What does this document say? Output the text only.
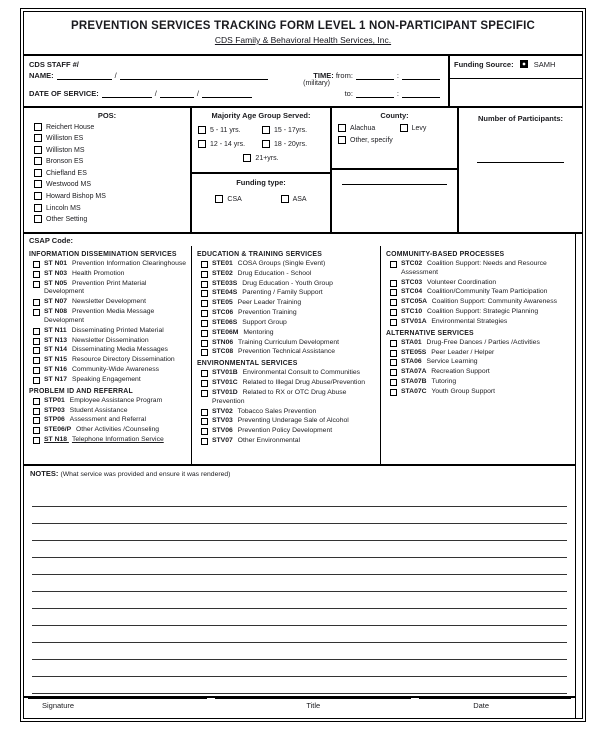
PREVENTION SERVICES TRACKING FORM LEVEL 1 NON-PARTICIPANT SPECIFIC
CDS Family & Behavioral Health Services, Inc.
CDS STAFF #/
NAME:	/	TIME:
from:	:
(military)
DATE OF SERVICE:	/	/	to:	:
Funding Source:	SAMH
POS:
Reichert House
Williston ES
Williston MS
Bronson ES
Chiefland ES
Westwood MS
Howard Bishop MS
Lincoln MS
Other Setting
Majority Age Group Served:
5 - 11 yrs.	15 - 17yrs.
12 - 14 yrs.	18 - 20yrs.
21+yrs.
Funding type:
CSA	ASA
County:
Alachua	Levy
Other, specify
Number of Participants:
CSAP Code:
INFORMATION DISSEMINATION SERVICES
ST N01 Prevention Information Clearinghouse
ST N03 Health Promotion
ST N05 Prevention Print Material Development
ST N07 Newsletter Development
ST N08 Prevention Media Message Development
ST N11 Disseminating Printed Material
ST N13 Newsletter Dissemination
ST N14 Disseminating Media Messages
ST N15 Resource Directory Dissemination
ST N16 Community-Wide Awareness
ST N17 Speaking Engagement
PROBLEM ID AND REFERRAL
STP01 Employee Assistance Program
STP03 Student Assistance
STP06 Assessment and Referral
STE06/P Other Activities /Counseling
ST N18 Telephone Information Service
EDUCATION & TRAINING SERVICES
STE01 COSA Groups (Single Event)
STE02 Drug Education - School
STE03S Drug Education - Youth Group
STE04S Parenting / Family Support
STE05 Peer Leader Training
STC06 Prevention Training
STE06S Support Group
STE06M Mentoring
STN06 Training Curriculum Development
STC08 Prevention Technical Assistance
ENVIRONMENTAL SERVICES
STV01B Environmental Consult to Communities
STV01C Related to Illegal Drug Abuse/Prevention
STV01D Related to RX or OTC Drug Abuse Prevention
STV02 Tobacco Sales Prevention
STV03 Preventing Underage Sale of Alcohol
STV06 Prevention Policy Development
STV07 Other Environmental
COMMUNITY-BASED PROCESSES
STC02 Coalition Support: Needs and Resource Assessment
STC03 Volunteer Coordination
STC04 Coalition/Community Team Participation
STC05A Coalition Support: Community Awareness
STC10 Coalition Support: Strategic Planning
STV01A Environmental Strategies
ALTERNATIVE SERVICES
STA01 Drug-Free Dances / Parties /Activities
STE05S Peer Leader / Helper
STA06 Service Learning
STA07A Recreation Support
STA07B Tutoring
STA07C Youth Group Support
NOTES: (What service was provided and ensure it was rendered)
Signature	Title	Date
